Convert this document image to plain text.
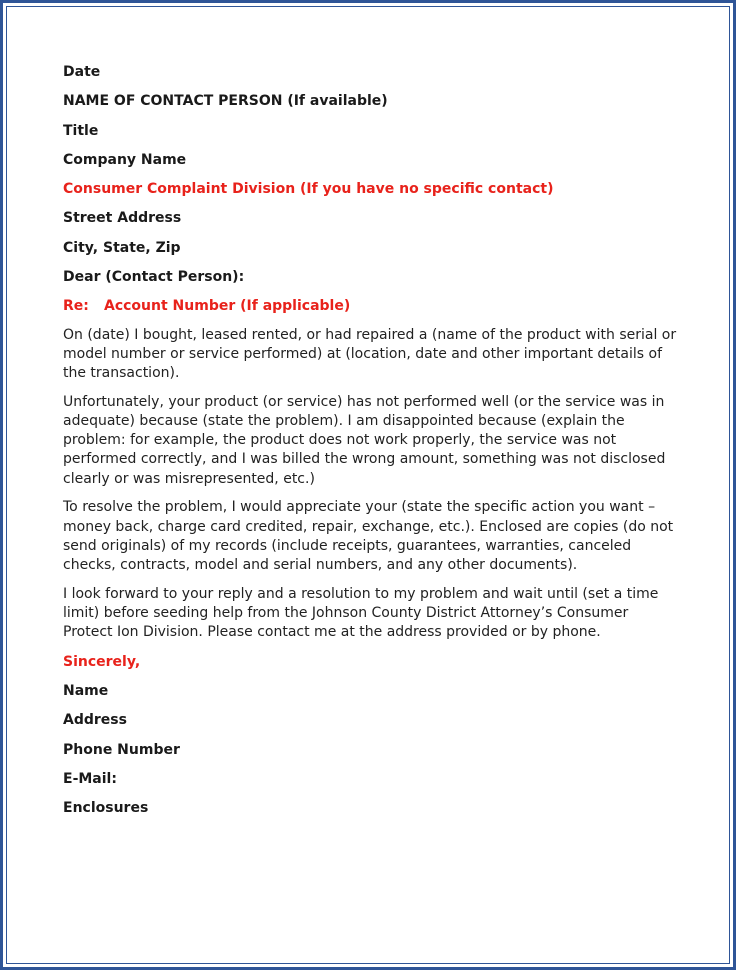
Date
NAME OF CONTACT PERSON (If available)
Title
Company Name
Consumer Complaint Division (If you have no specific contact)
Street Address
City, State, Zip
Dear (Contact Person):
Re: Account Number (If applicable)

On (date) I bought, leased rented, or had repaired a (name of the product with serial or model number or service performed) at (location, date and other important details of the transaction).

Unfortunately, your product (or service) has not performed well (or the service was in adequate) because (state the problem). I am disappointed because (explain the problem: for example, the product does not work properly, the service was not performed correctly, and I was billed the wrong amount, something was not disclosed clearly or was misrepresented, etc.)

To resolve the problem, I would appreciate your (state the specific action you want – money back, charge card credited, repair, exchange, etc.). Enclosed are copies (do not send originals) of my records (include receipts, guarantees, warranties, canceled checks, contracts, model and serial numbers, and any other documents).

I look forward to your reply and a resolution to my problem and wait until (set a time limit) before seeding help from the Johnson County District Attorney’s Consumer Protect Ion Division. Please contact me at the address provided or by phone.

Sincerely,
Name
Address
Phone Number
E-Mail:
Enclosures
